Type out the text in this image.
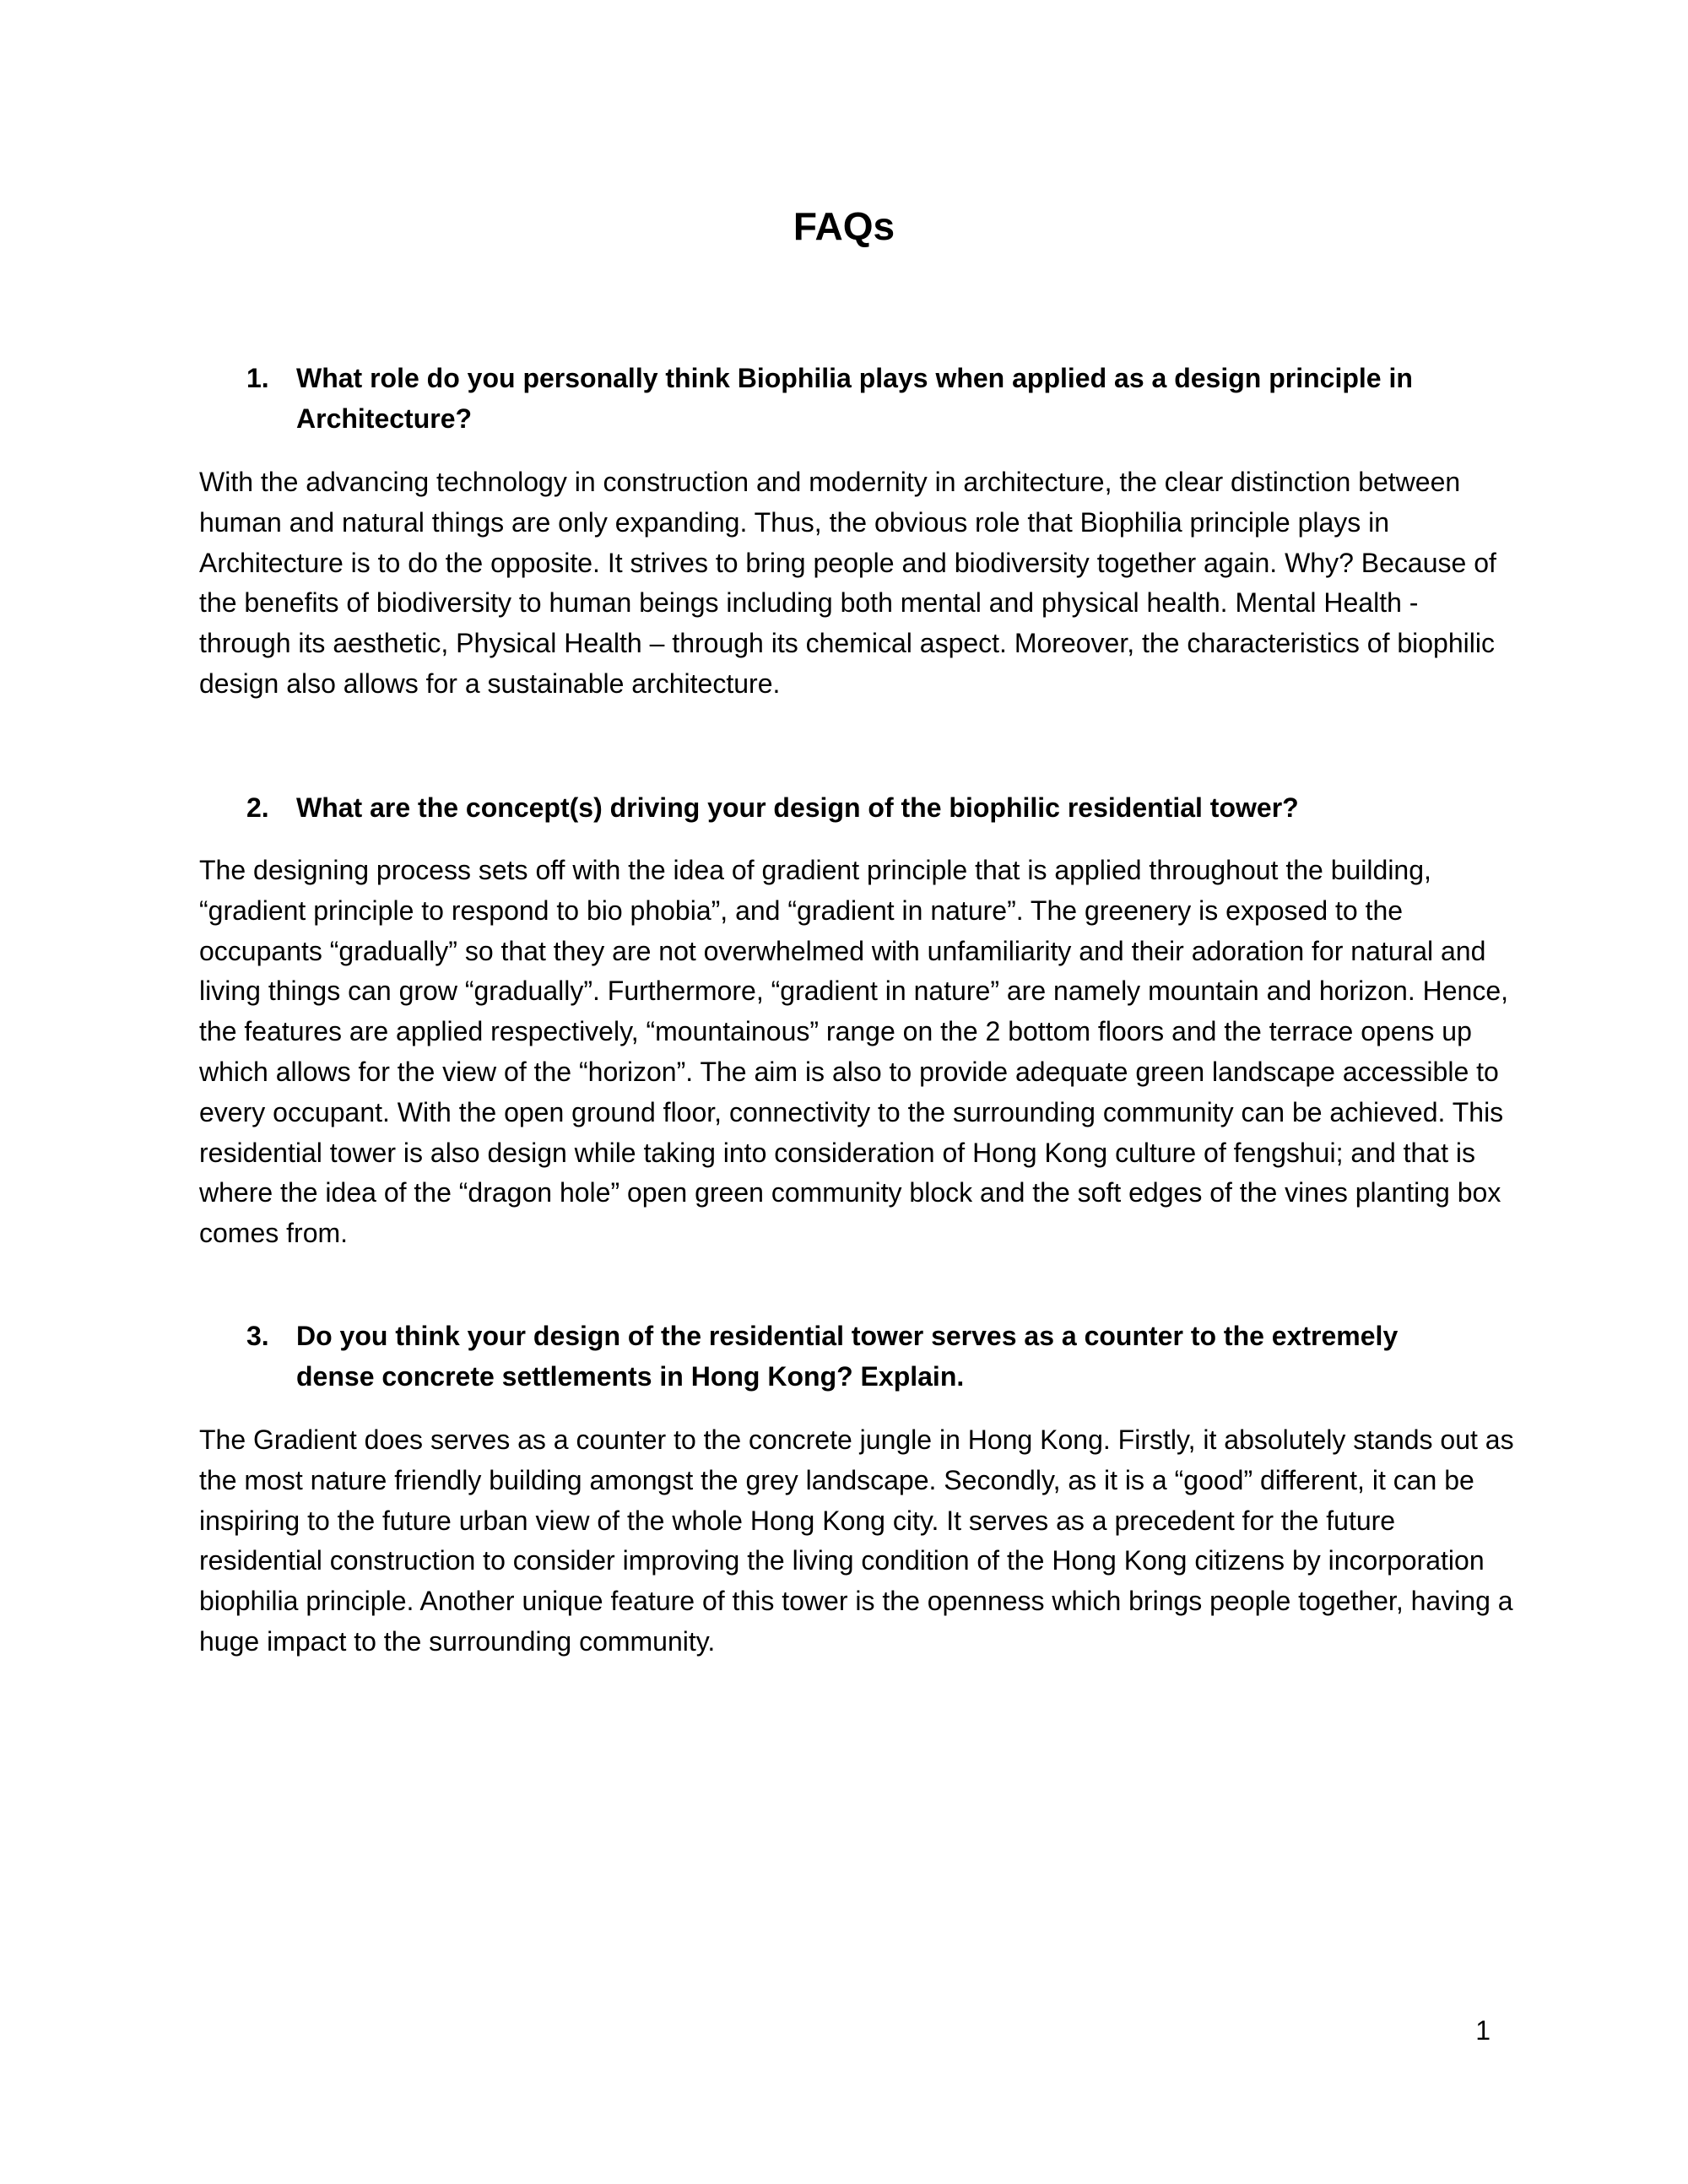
FAQs
1.	What role do you personally think Biophilia plays when applied as a design principle in Architecture?

With the advancing technology in construction and modernity in architecture, the clear distinction between human and natural things are only expanding. Thus, the obvious role that Biophilia principle plays in Architecture is to do the opposite. It strives to bring people and biodiversity together again. Why? Because of the benefits of biodiversity to human beings including both mental and physical health. Mental Health - through its aesthetic, Physical Health – through its chemical aspect. Moreover, the characteristics of biophilic design also allows for a sustainable architecture.

2.	What are the concept(s) driving your design of the biophilic residential tower?

The designing process sets off with the idea of gradient principle that is applied throughout the building, “gradient principle to respond to bio phobia”, and “gradient in nature”. The greenery is exposed to the occupants “gradually” so that they are not overwhelmed with unfamiliarity and their adoration for natural and living things can grow “gradually”. Furthermore, “gradient in nature” are namely mountain and horizon. Hence, the features are applied respectively, “mountainous” range on the 2 bottom floors and the terrace opens up which allows for the view of the “horizon”. The aim is also to provide adequate green landscape accessible to every occupant. With the open ground floor, connectivity to the surrounding community can be achieved. This residential tower is also design while taking into consideration of Hong Kong culture of fengshui; and that is where the idea of the “dragon hole” open green community block and the soft edges of the vines planting box comes from.

3.	Do you think your design of the residential tower serves as a counter to the extremely dense concrete settlements in Hong Kong? Explain.

The Gradient does serves as a counter to the concrete jungle in Hong Kong. Firstly, it absolutely stands out as the most nature friendly building amongst the grey landscape. Secondly, as it is a “good” different, it can be inspiring to the future urban view of the whole Hong Kong city. It serves as a precedent for the future residential construction to consider improving the living condition of the Hong Kong citizens by incorporation biophilia principle. Another unique feature of this tower is the openness which brings people together, having a huge impact to the surrounding community.

1
